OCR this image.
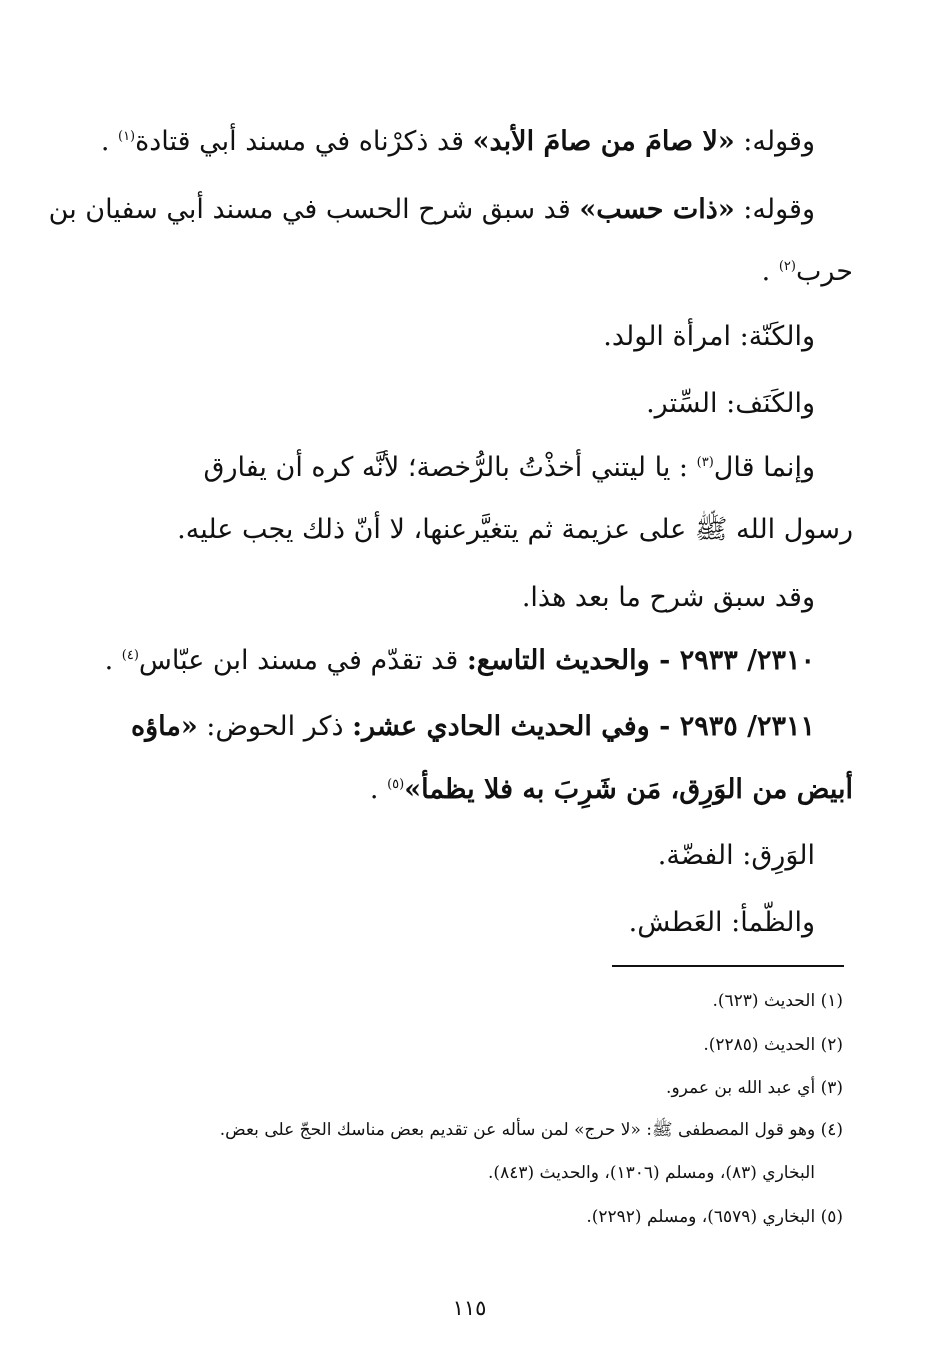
وقوله: «لا صامَ من صامَ الأبد» قد ذكرْناه في مسند أبي قتادة$^{(١)}$ .
وقوله: «ذات حسب» قد سبق شرح الحسب في مسند أبي سفيان بن
حرب$^{(٢)}$ .
والكَنّة: امرأة الولد.
والكَنَف: السِّتر.
وإنما قال$^{(٣)}$ : يا ليتني أخذْتُ بالرُّخصة؛ لأنَّه كره أن يفارق
رسول الله ﷺ على عزيمة ثم يتغيَّرعنها، لا أنّ ذلك يجب عليه.
وقد سبق شرح ما بعد هذا.
٢٣١٠/ ٢٩٣٣ - والحديث التاسع: قد تقدّم في مسند ابن عبّاس$^{(٤)}$ .
٢٣١١/ ٢٩٣٥ - وفي الحديث الحادي عشر: ذكر الحوض: «ماؤه
أبيض من الوَرِق، مَن شَرِبَ به فلا يظمأ»$^{(٥)}$ .
الوَرِق: الفضّة.
والظّمأ: العَطش.
(١) الحديث (٦٢٣).
(٢) الحديث (٢٢٨٥).
(٣) أي عبد الله بن عمرو.
(٤) وهو قول المصطفى ﷺ: «لا حرج» لمن سأله عن تقديم بعض مناسك الحجّ على بعض.
البخاري (٨٣)، ومسلم (١٣٠٦)، والحديث (٨٤٣).
(٥) البخاري (٦٥٧٩)، ومسلم (٢٢٩٢).
١١٥
